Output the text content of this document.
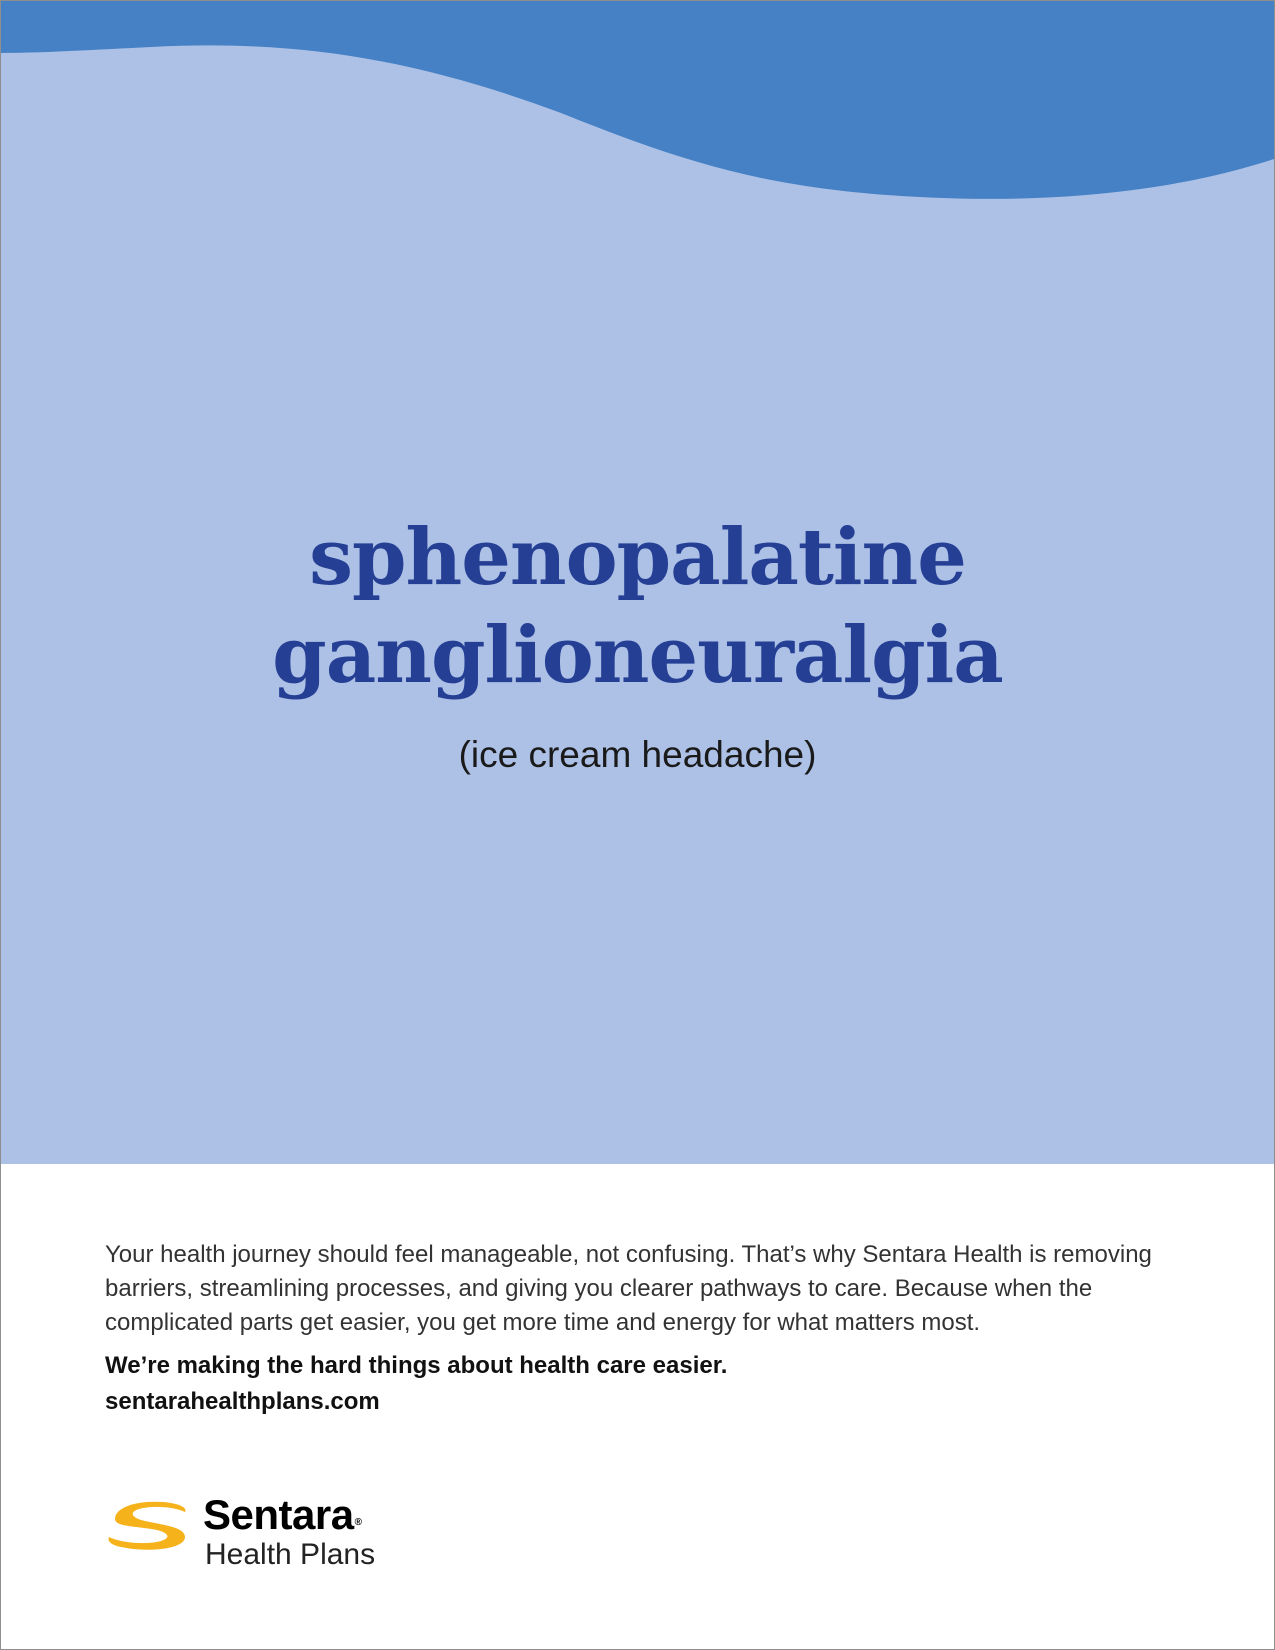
sphenopalatine
ganglioneuralgia

(ice cream headache)

Your health journey should feel manageable, not confusing. That’s why Sentara Health is removing barriers, streamlining processes, and giving you clearer pathways to care. Because when the complicated parts get easier, you get more time and energy for what matters most.

We’re making the hard things about health care easier.

sentarahealthplans.com
Sentara®
Health Plans
